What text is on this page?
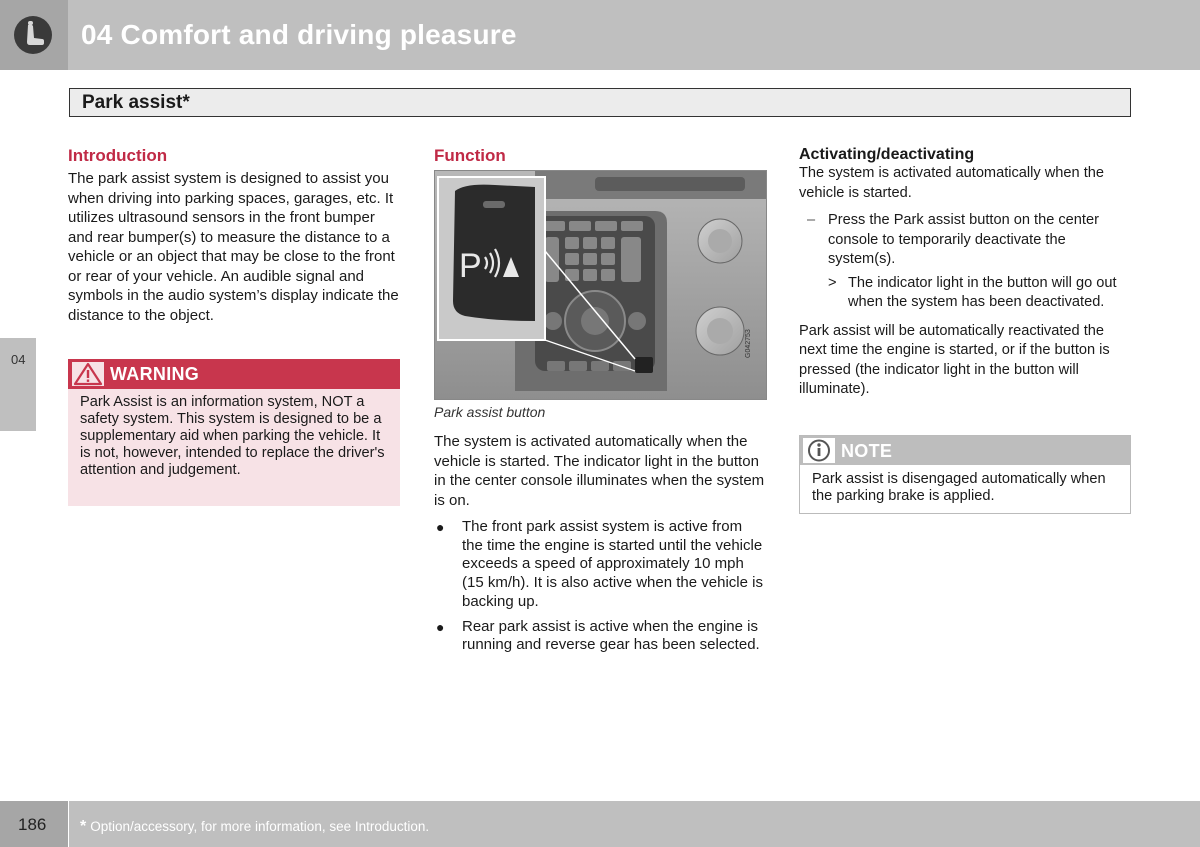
04 Comfort and driving pleasure
Park assist*
04
Introduction
The park assist system is designed to assist you when driving into parking spaces, garages, etc. It utilizes ultrasound sensors in the front bumper and rear bumper(s) to measure the distance to a vehicle or an object that may be close to the front or rear of your vehicle. An audible signal and symbols in the audio system’s display indicate the distance to the object.
WARNING
Park Assist is an information system, NOT a safety system. This system is designed to be a supplementary aid when parking the vehicle. It is not, however, intended to replace the driver's attention and judgement.
Function
P
G042753
Park assist button
The system is activated automatically when the vehicle is started. The indicator light in the button in the center console illuminates when the system is on.
● The front park assist system is active from the time the engine is started until the vehicle exceeds a speed of approximately 10 mph (15 km/h). It is also active when the vehicle is backing up.
● Rear park assist is active when the engine is running and reverse gear has been selected.
Activating/deactivating
The system is activated automatically when the vehicle is started.
– Press the Park assist button on the center console to temporarily deactivate the system(s).
> The indicator light in the button will go out when the system has been deactivated.
Park assist will be automatically reactivated the next time the engine is started, or if the button is pressed (the indicator light in the button will illuminate).
NOTE
Park assist is disengaged automatically when the parking brake is applied.
186 * Option/accessory, for more information, see Introduction.
